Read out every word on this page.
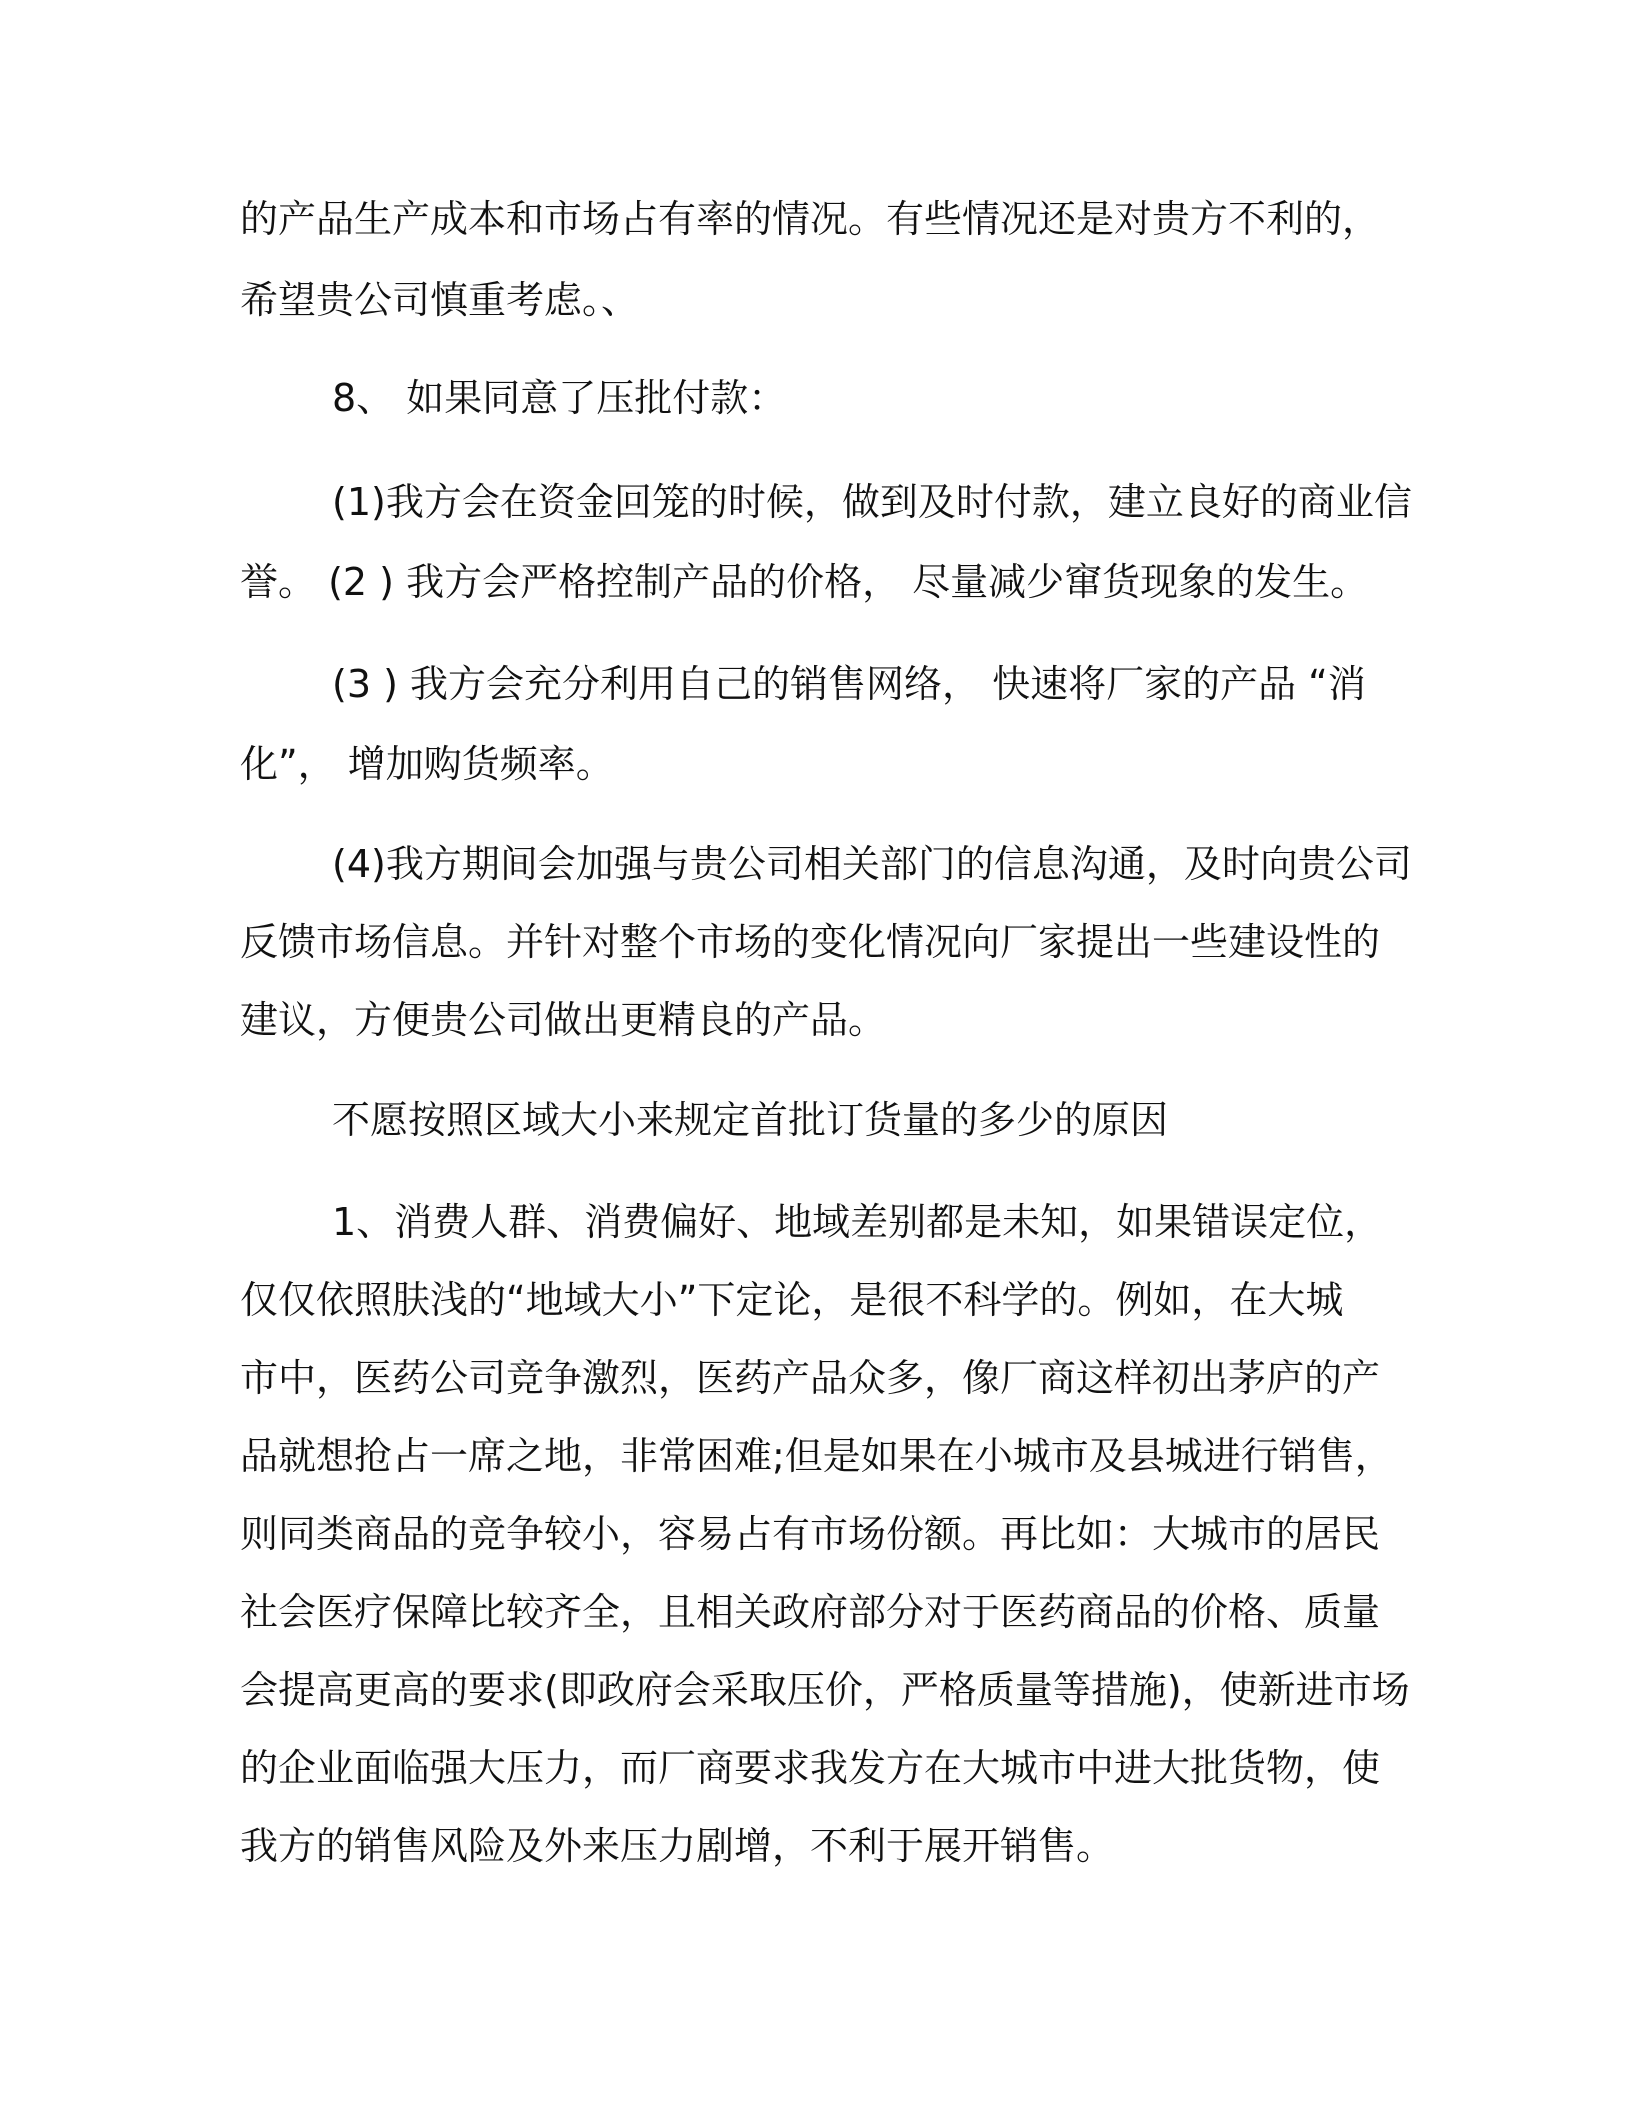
的产品生产成本和市场占有率的情况。有些情况还是对贵方不利的，
希望贵公司慎重考虑。、
8、 如果同意了压批付款：
(1)我方会在资金回笼的时候，做到及时付款，建立良好的商业信
誉。 (2 ) 我方会严格控制产品的价格， 尽量减少窜货现象的发生。
(3 ) 我方会充分利用自己的销售网络， 快速将厂家的产品 “消
化”， 增加购货频率。
(4)我方期间会加强与贵公司相关部门的信息沟通，及时向贵公司
反馈市场信息。并针对整个市场的变化情况向厂家提出一些建设性的
建议，方便贵公司做出更精良的产品。
不愿按照区域大小来规定首批订货量的多少的原因
1、消费人群、消费偏好、地域差别都是未知，如果错误定位，
仅仅依照肤浅的“地域大小”下定论，是很不科学的。例如，在大城
市中，医药公司竞争激烈，医药产品众多，像厂商这样初出茅庐的产
品就想抢占一席之地，非常困难;但是如果在小城市及县城进行销售，
则同类商品的竞争较小，容易占有市场份额。再比如：大城市的居民
社会医疗保障比较齐全，且相关政府部分对于医药商品的价格、质量
会提高更高的要求(即政府会采取压价，严格质量等措施)，使新进市场
的企业面临强大压力，而厂商要求我发方在大城市中进大批货物，使
我方的销售风险及外来压力剧增，不利于展开销售。
